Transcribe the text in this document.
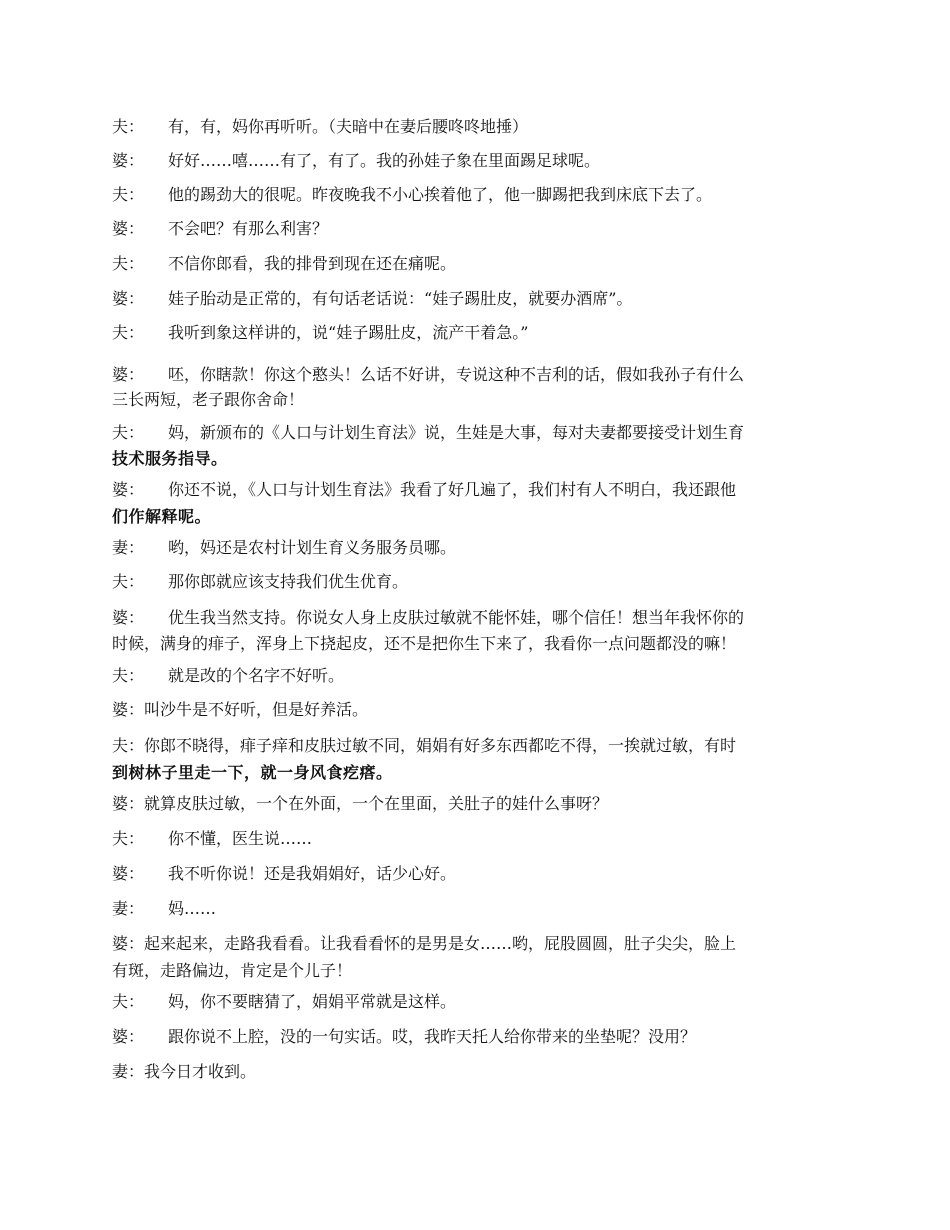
夫： 有，有，妈你再听听。（夫暗中在妻后腰咚咚地捶）
婆： 好好……嘻……有了，有了。我的孙娃子象在里面踢足球呢。
夫： 他的踢劲大的很呢。昨夜晚我不小心挨着他了，他一脚踢把我到床底下去了。
婆： 不会吧？有那么利害？
夫： 不信你郎看，我的排骨到现在还在痛呢。
婆： 娃子胎动是正常的，有句话老话说：“娃子踢肚皮，就要办酒席”。
夫： 我听到象这样讲的，说“娃子踢肚皮，流产干着急。”
婆： 呸，你瞎款！你这个憨头！么话不好讲，专说这种不吉利的话，假如我孙子有什么
三长两短，老子跟你舍命！
夫： 妈，新颁布的《人口与计划生育法》说，生娃是大事，每对夫妻都要接受计划生育
技术服务指导。
婆： 你还不说，《人口与计划生育法》我看了好几遍了，我们村有人不明白，我还跟他
们作解释呢。
妻： 哟，妈还是农村计划生育义务服务员哪。
夫： 那你郎就应该支持我们优生优育。
婆： 优生我当然支持。你说女人身上皮肤过敏就不能怀娃，哪个信任！想当年我怀你的
时候，满身的痱子，浑身上下挠起皮，还不是把你生下来了，我看你一点问题都没的嘛！
夫： 就是改的个名字不好听。
婆：叫沙牛是不好听，但是好养活。
夫：你郎不晓得，痱子痒和皮肤过敏不同，娟娟有好多东西都吃不得，一挨就过敏，有时
到树林子里走一下，就一身风食疙瘩。
婆：就算皮肤过敏，一个在外面，一个在里面，关肚子的娃什么事呀？
夫： 你不懂，医生说……
婆： 我不听你说！还是我娟娟好，话少心好。
妻： 妈……
婆：起来起来，走路我看看。让我看看怀的是男是女……哟，屁股圆圆，肚子尖尖，脸上
有斑，走路偏边，肯定是个儿子！
夫： 妈，你不要瞎猜了，娟娟平常就是这样。
婆： 跟你说不上腔，没的一句实话。哎，我昨天托人给你带来的坐垫呢？没用？
妻：我今日才收到。
